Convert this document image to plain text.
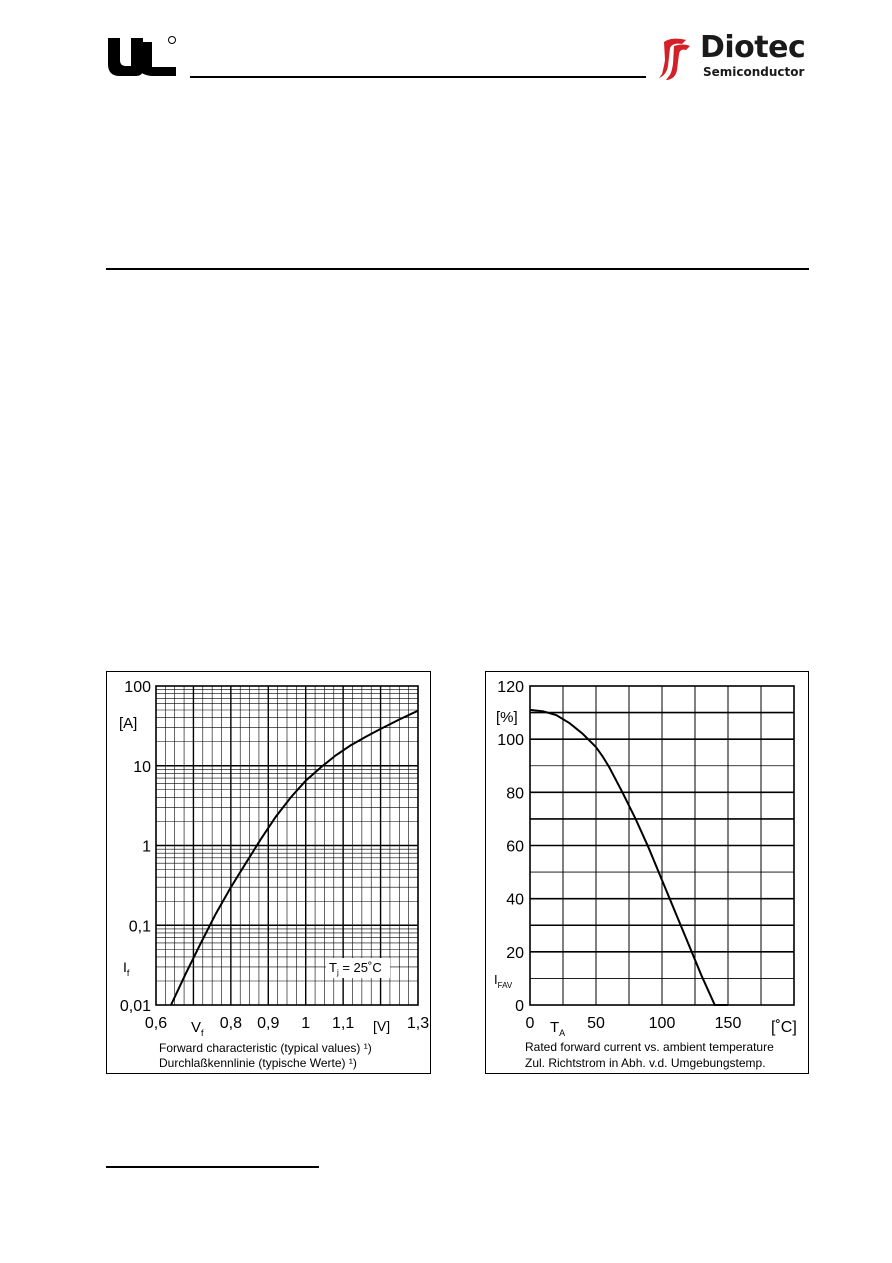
Diotec
Semiconductor
$T_j$ = 25˚C
100
10
1
0,1
0,01
0,6	0,8 0,9 1 1,1	1,3
[A]
[V]
$I_f$
$V_f$
Forward characteristic (typical values) ¹)
Durchlaßkennlinie (typische Werte) ¹)
120
100
80
60
40
20
0
0	50	100 150
[%]
[˚C]
$I_{FAV}$
$T_A$
Rated forward current vs. ambient temperature
Zul. Richtstrom in Abh. v.d. Umgebungstemp.
